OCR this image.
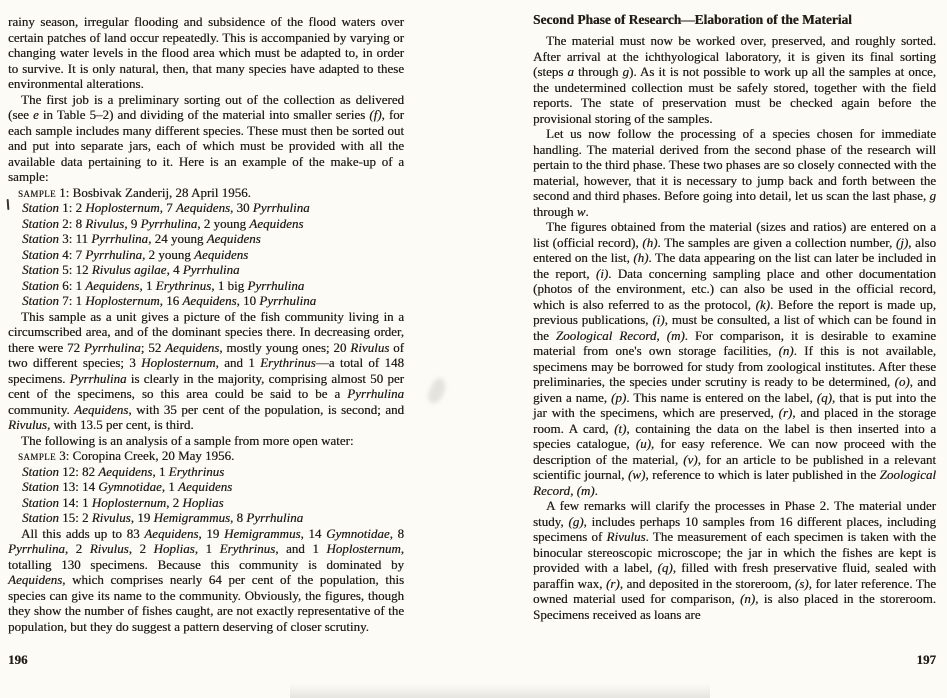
rainy season, irregular flooding and subsidence of the flood waters over certain patches of land occur repeatedly. This is accompanied by varying or changing water levels in the flood area which must be adapted to, in order to survive. It is only natural, then, that many species have adapted to these environmental alterations.

The first job is a preliminary sorting out of the collection as delivered (see e in Table 5–2) and dividing of the material into smaller series (f), for each sample includes many different species. These must then be sorted out and put into separate jars, each of which must be provided with all the available data pertaining to it. Here is an example of the make-up of a sample:

sample 1: Bosbivak Zanderij, 28 April 1956.

Station 1: 2 Hoplosternum, 7 Aequidens, 30 Pyrrhulina

Station 2: 8 Rivulus, 9 Pyrrhulina, 2 young Aequidens

Station 3: 11 Pyrrhulina, 24 young Aequidens

Station 4: 7 Pyrrhulina, 2 young Aequidens

Station 5: 12 Rivulus agilae, 4 Pyrrhulina

Station 6: 1 Aequidens, 1 Erythrinus, 1 big Pyrrhulina

Station 7: 1 Hoplosternum, 16 Aequidens, 10 Pyrrhulina

This sample as a unit gives a picture of the fish community living in a circumscribed area, and of the dominant species there. In decreasing order, there were 72 Pyrrhulina; 52 Aequidens, mostly young ones; 20 Rivulus of two different species; 3 Hoplosternum, and 1 Erythrinus—a total of 148 specimens. Pyrrhulina is clearly in the majority, comprising almost 50 per cent of the specimens, so this area could be said to be a Pyrrhulina community. Aequidens, with 35 per cent of the population, is second; and Rivulus, with 13.5 per cent, is third.

The following is an analysis of a sample from more open water:

sample 3: Coropina Creek, 20 May 1956.

Station 12: 82 Aequidens, 1 Erythrinus

Station 13: 14 Gymnotidae, 1 Aequidens

Station 14: 1 Hoplosternum, 2 Hoplias

Station 15: 2 Rivulus, 19 Hemigrammus, 8 Pyrrhulina

All this adds up to 83 Aequidens, 19 Hemigrammus, 14 Gymnotidae, 8 Pyrrhulina, 2 Rivulus, 2 Hoplias, 1 Erythrinus, and 1 Hoplosternum, totalling 130 specimens. Because this community is dominated by Aequidens, which comprises nearly 64 per cent of the population, this species can give its name to the community. Obviously, the figures, though they show the number of fishes caught, are not exactly representative of the population, but they do suggest a pattern deserving of closer scrutiny.

Second Phase of Research—Elaboration of the Material

The material must now be worked over, preserved, and roughly sorted. After arrival at the ichthyological laboratory, it is given its final sorting (steps a through g). As it is not possible to work up all the samples at once, the undetermined collection must be safely stored, together with the field reports. The state of preservation must be checked again before the provisional storing of the samples.

Let us now follow the processing of a species chosen for immediate handling. The material derived from the second phase of the research will pertain to the third phase. These two phases are so closely connected with the material, however, that it is necessary to jump back and forth between the second and third phases. Before going into detail, let us scan the last phase, g through w.

The figures obtained from the material (sizes and ratios) are entered on a list (official record), (h). The samples are given a collection number, (j), also entered on the list, (h). The data appearing on the list can later be included in the report, (i). Data concerning sampling place and other documentation (photos of the environment, etc.) can also be used in the official record, which is also referred to as the protocol, (k). Before the report is made up, previous publications, (i), must be consulted, a list of which can be found in the Zoological Record, (m). For comparison, it is desirable to examine material from one's own storage facilities, (n). If this is not available, specimens may be borrowed for study from zoological institutes. After these preliminaries, the species under scrutiny is ready to be determined, (o), and given a name, (p). This name is entered on the label, (q), that is put into the jar with the specimens, which are preserved, (r), and placed in the storage room. A card, (t), containing the data on the label is then inserted into a species catalogue, (u), for easy reference. We can now proceed with the description of the material, (v), for an article to be published in a relevant scientific journal, (w), reference to which is later published in the Zoological Record, (m).

A few remarks will clarify the processes in Phase 2. The material under study, (g), includes perhaps 10 samples from 16 different places, including specimens of Rivulus. The measurement of each specimen is taken with the binocular stereoscopic microscope; the jar in which the fishes are kept is provided with a label, (q), filled with fresh preservative fluid, sealed with paraffin wax, (r), and deposited in the storeroom, (s), for later reference. The owned material used for comparison, (n), is also placed in the storeroom. Specimens received as loans are

196	197
